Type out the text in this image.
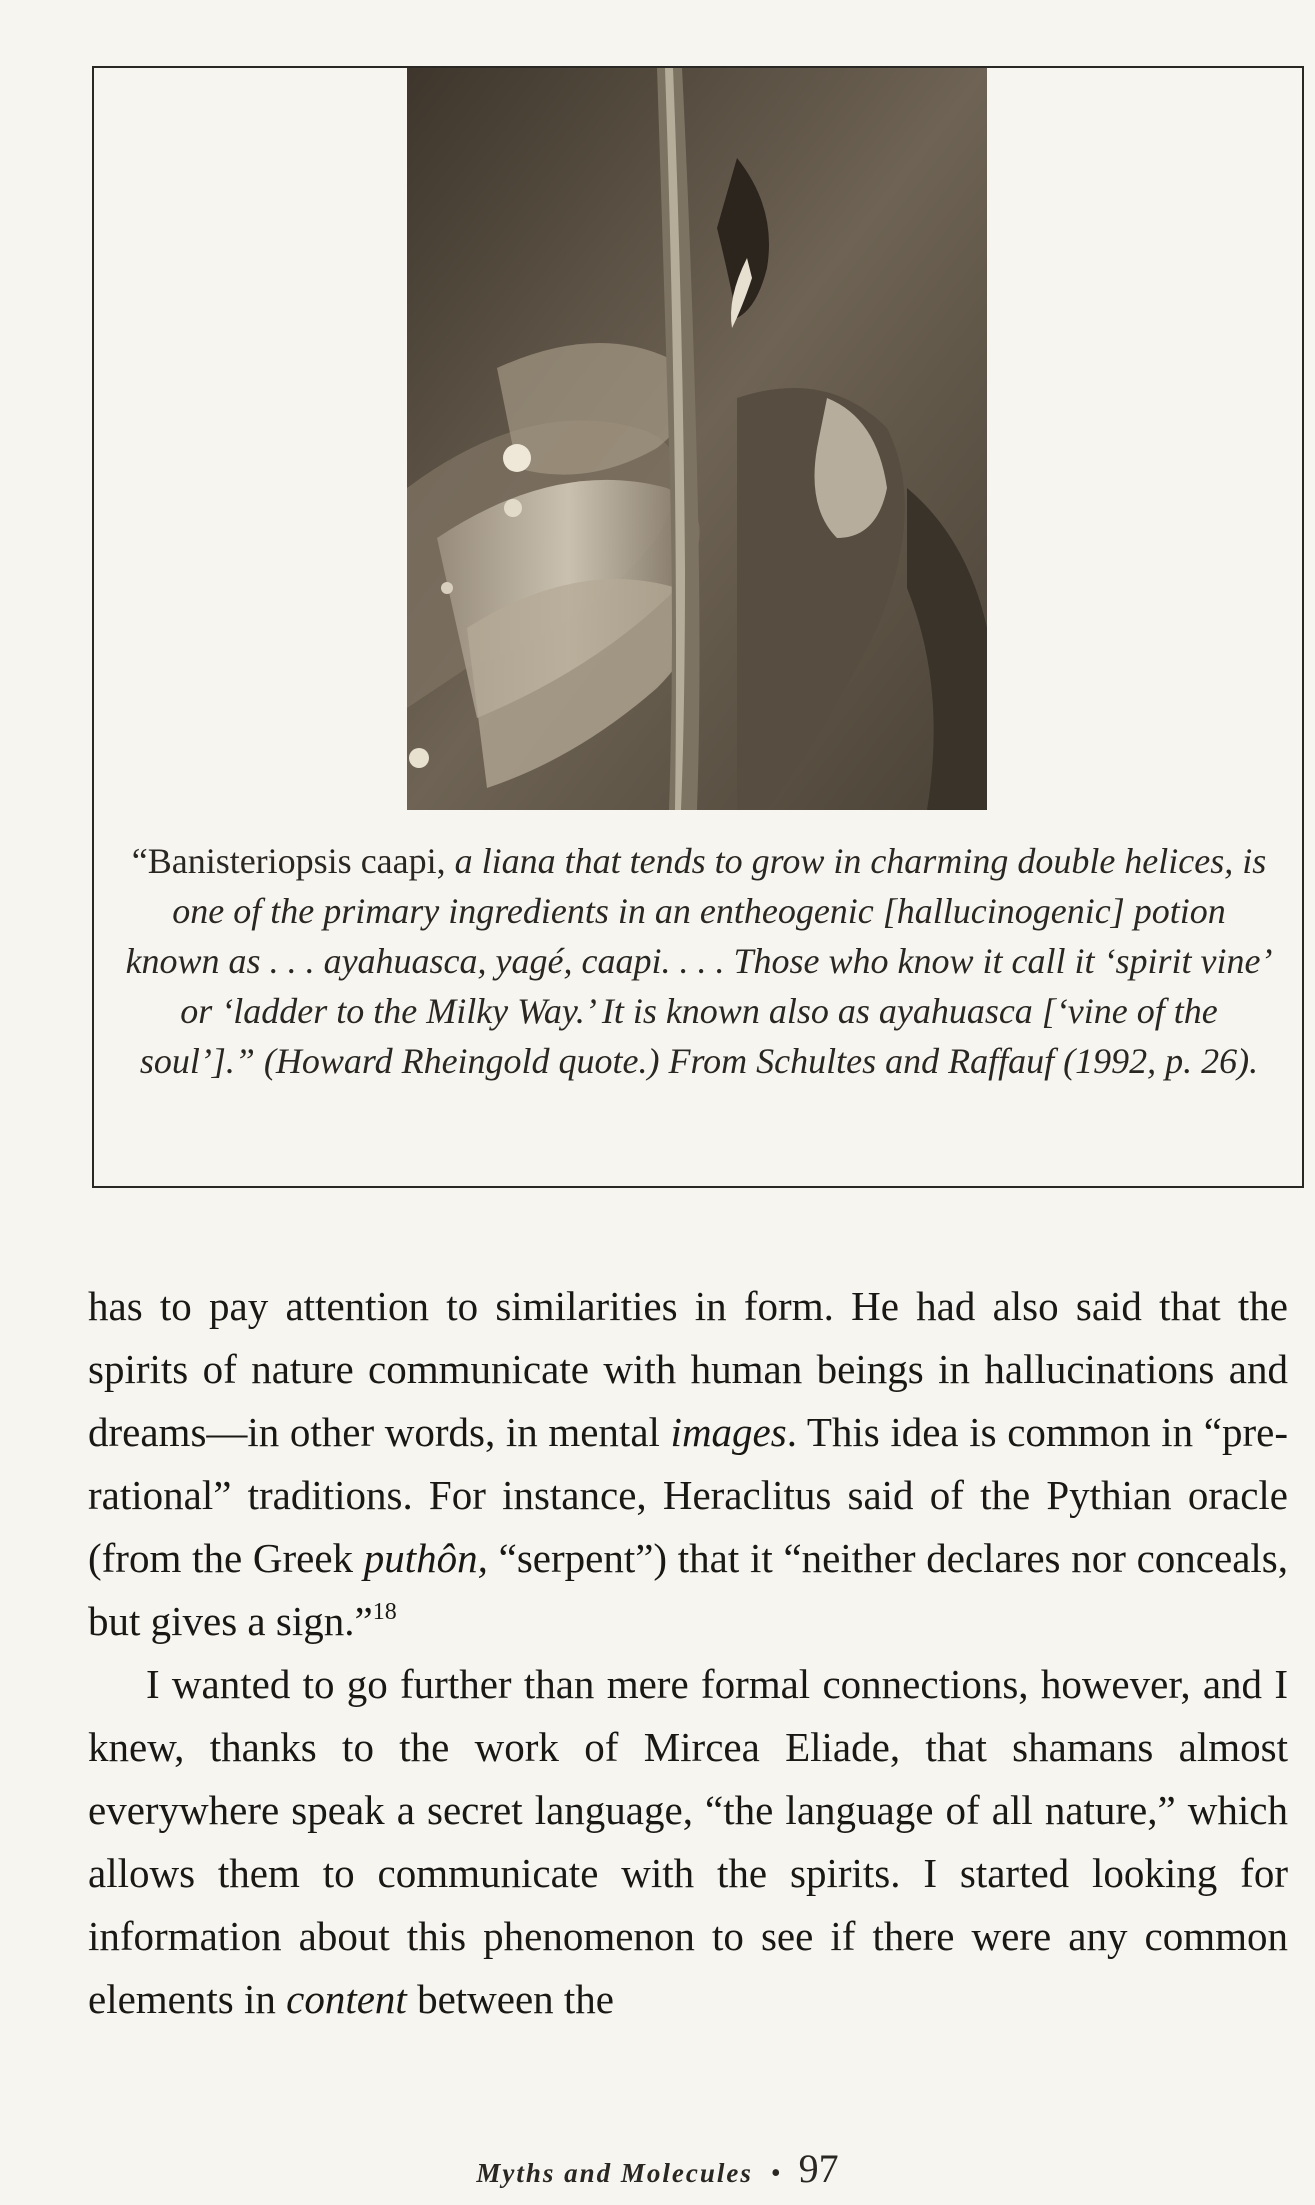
“Banisteriopsis caapi, a liana that tends to grow in charming double helices, is one of the primary ingredients in an entheogenic [hallucinogenic] potion known as . . . ayahuasca, yagé, caapi. . . . Those who know it call it ‘spirit vine’ or ‘ladder to the Milky Way.’ It is known also as ayahuasca [‘vine of the soul’].” (Howard Rheingold quote.) From Schultes and Raffauf (1992, p. 26).

has to pay attention to similarities in form. He had also said that the spirits of nature communicate with human beings in hallucinations and dreams—in other words, in mental images. This idea is common in “pre-rational” traditions. For instance, Heraclitus said of the Pythian oracle (from the Greek puthôn, “serpent”) that it “neither declares nor conceals, but gives a sign.”$^{18}$

I wanted to go further than mere formal connections, however, and I knew, thanks to the work of Mircea Eliade, that shamans almost everywhere speak a secret language, “the language of all nature,” which allows them to communicate with the spirits. I started looking for information about this phenomenon to see if there were any common elements in content between the

Myths and Molecules • 97
